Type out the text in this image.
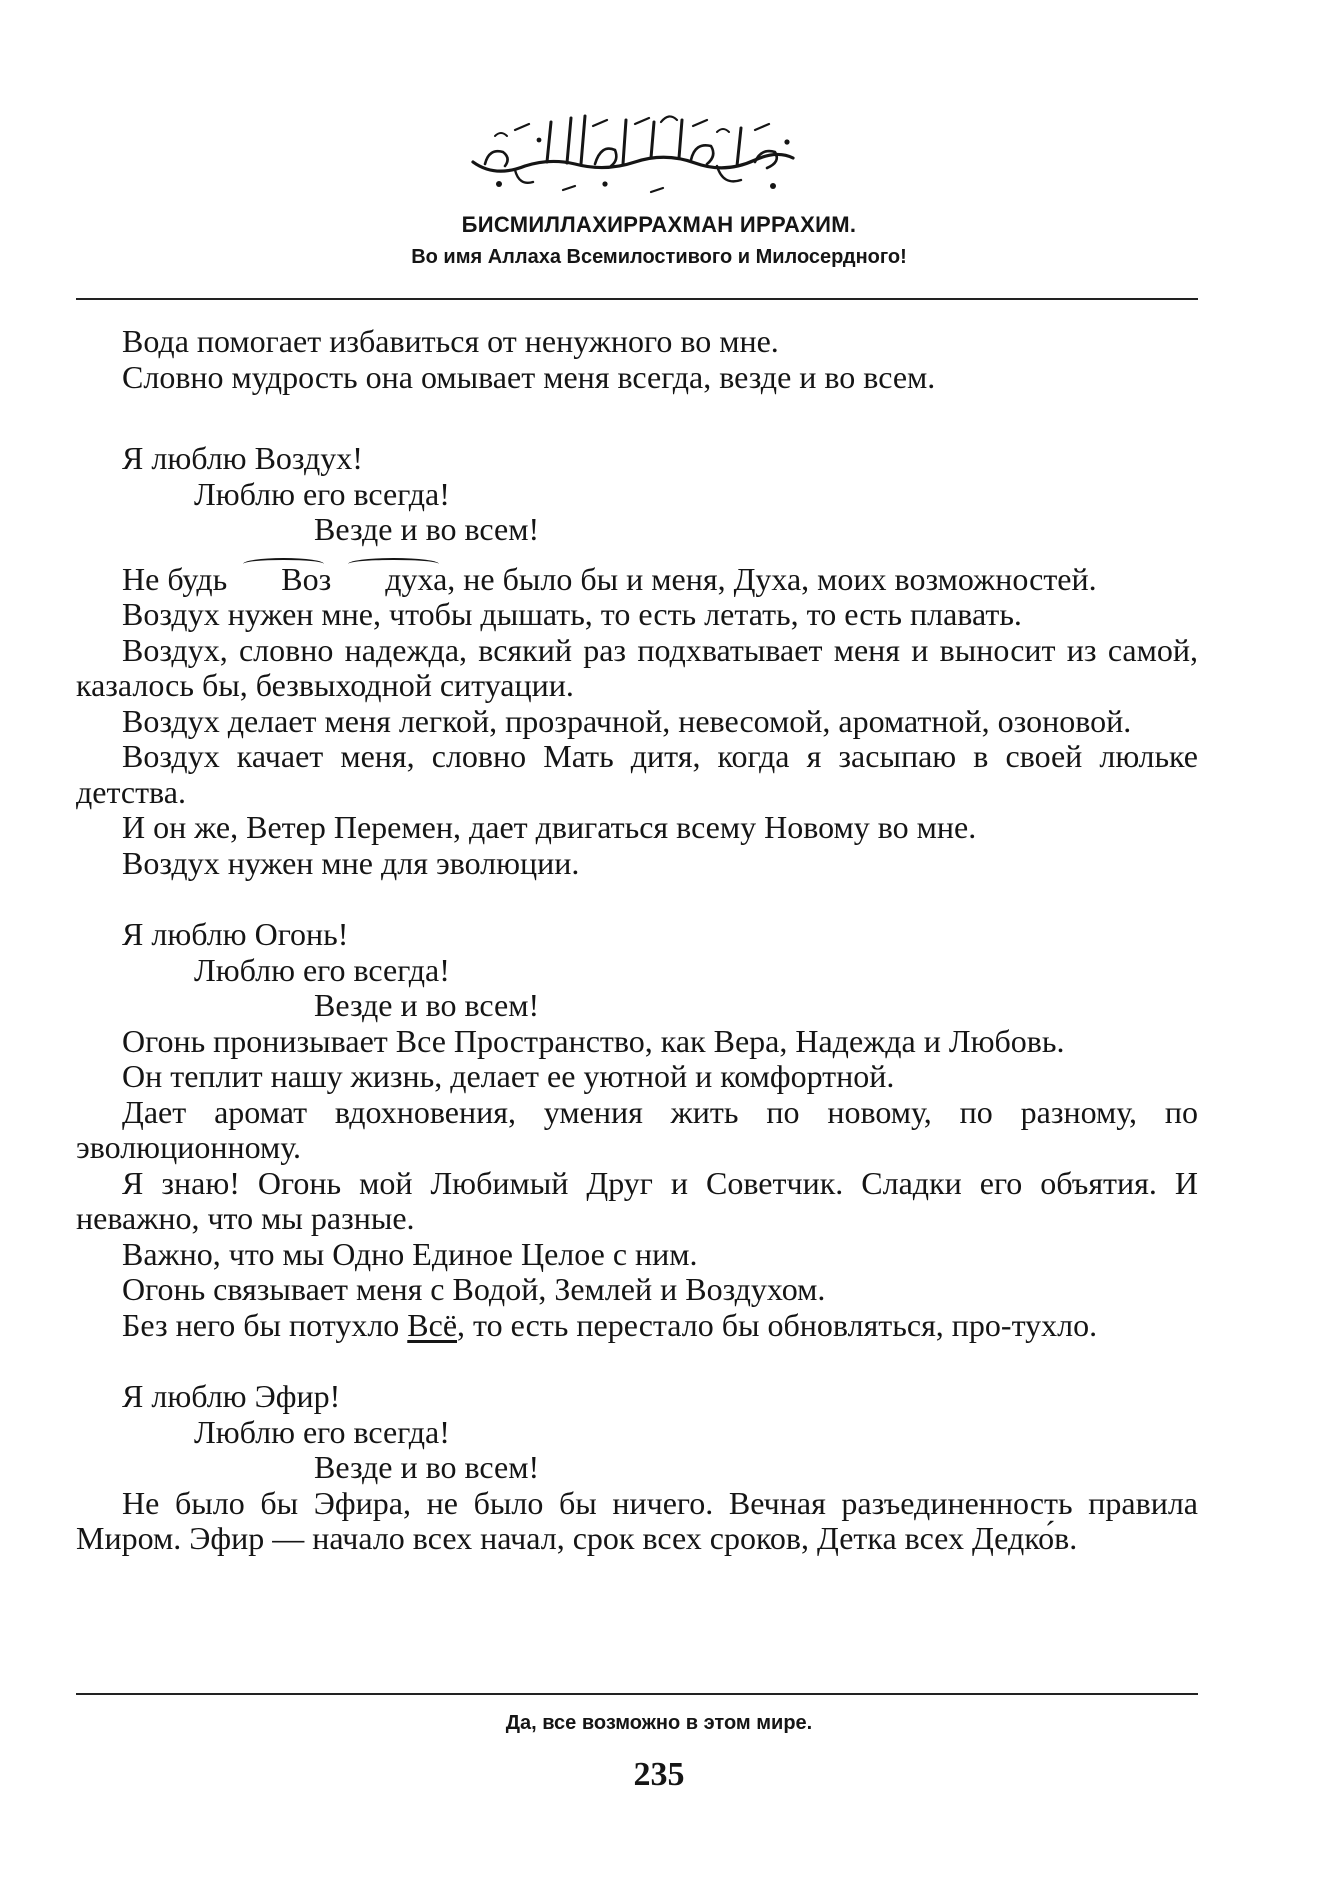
БИСМИЛЛАХИРРАХМАН ИРРАХИМ.
Во имя Аллаха Всемилостивого и Милосердного!

Вода помогает избавиться от ненужного во мне.

Словно мудрость она омывает меня всегда, везде и во всем.

Я люблю Воздух!

Люблю его всегда!

Везде и во всем!

Не будь Воз духа, не было бы и меня, Духа, моих возможностей.

Воздух нужен мне, чтобы дышать, то есть летать, то есть плавать.

Воздух, словно надежда, всякий раз подхватывает меня и выносит из самой, казалось бы, безвыходной ситуации.

Воздух делает меня легкой, прозрачной, невесомой, ароматной, озоновой.

Воздух качает меня, словно Мать дитя, когда я засыпаю в своей люльке детства.

И он же, Ветер Перемен, дает двигаться всему Новому во мне.

Воздух нужен мне для эволюции.

Я люблю Огонь!

Люблю его всегда!

Везде и во всем!

Огонь пронизывает Все Пространство, как Вера, Надежда и Любовь.

Он теплит нашу жизнь, делает ее уютной и комфортной.

Дает аромат вдохновения, умения жить по новому, по разному, по эволюционному.

Я знаю! Огонь мой Любимый Друг и Советчик. Сладки его объятия. И неважно, что мы разные.

Важно, что мы Одно Единое Целое с ним.

Огонь связывает меня с Водой, Землей и Воздухом.

Без него бы потухло Всё, то есть перестало бы обновляться, про-тухло.

Я люблю Эфир!

Люблю его всегда!

Везде и во всем!

Не было бы Эфира, не было бы ничего. Вечная разъединенность правила Миром. Эфир — начало всех начал, срок всех сроков, Детка всех Дедко́в.

Да, все возможно в этом мире.
235
